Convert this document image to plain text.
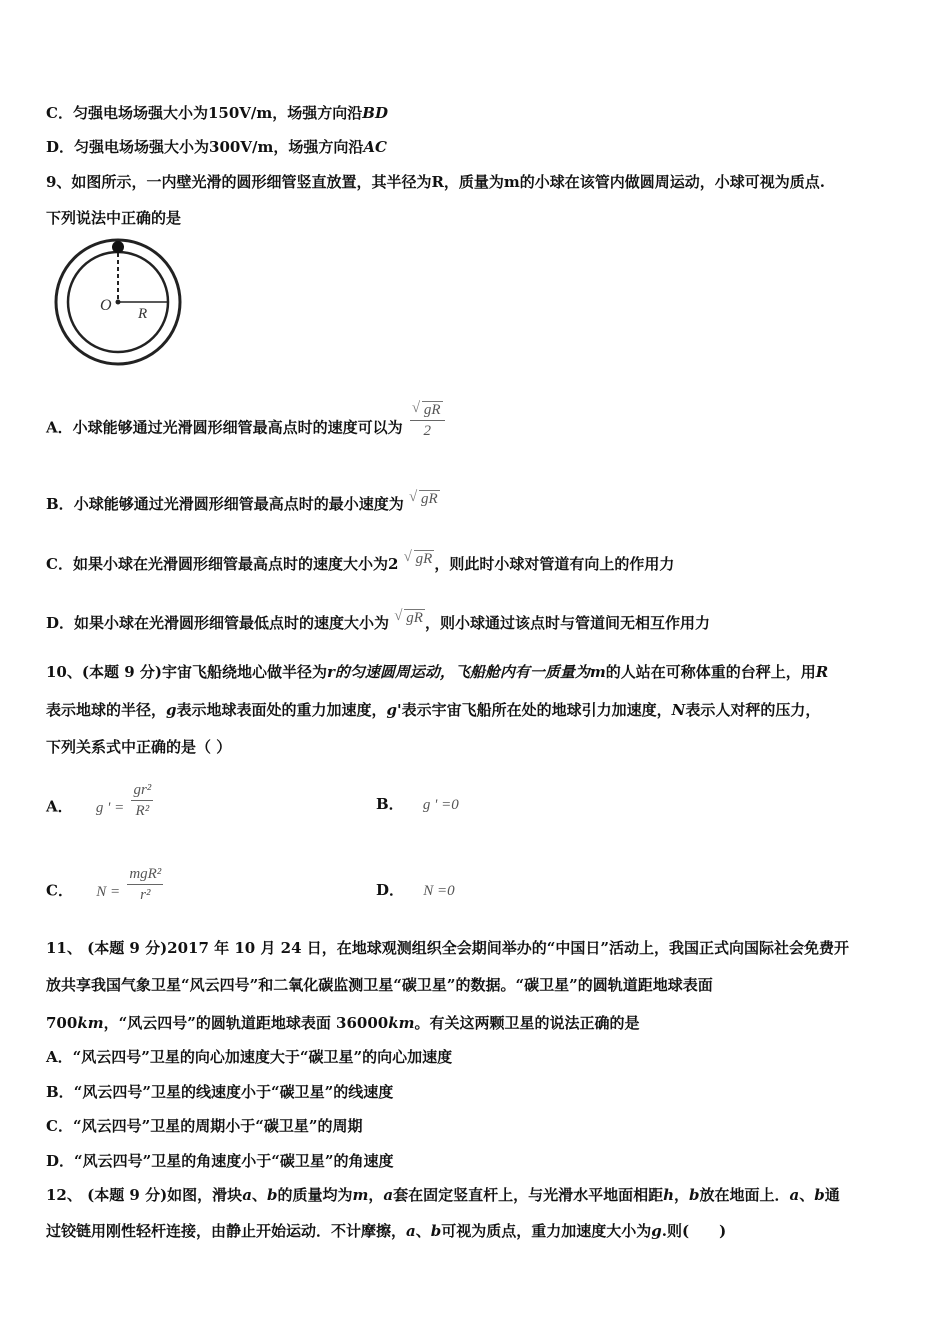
C．匀强电场场强大小为150V/m，场强方向沿BD
D．匀强电场场强大小为300V/m，场强方向沿AC
9、如图所示，一内壁光滑的圆形细管竖直放置，其半径为R，质量为m的小球在该管内做圆周运动，小球可视为质点.
下列说法中正确的是
O R
A．小球能够通过光滑圆形细管最高点时的速度可以为 $\frac{√ gR}{2}$
B．小球能够通过光滑圆形细管最高点时的最小速度为 √ gR
C．如果小球在光滑圆形细管最高点时的速度大小为2 √ gR ，则此时小球对管道有向上的作用力
D．如果小球在光滑圆形细管最低点时的速度大小为 √ gR ，则小球通过该点时与管道间无相互作用力
10、(本题 9 分)宇宙飞船绕地心做半径为r的匀速圆周运动，飞船舱内有一质量为m的人站在可称体重的台秤上，用R
表示地球的半径，g表示地球表面处的重力加速度，g'表示宇宙飞船所在处的地球引力加速度，N表示人对秤的压力，
下列关系式中正确的是（ ）
A． g ' = $\frac{\text{gr²}}{\text{R²}}$	B． g ' =0
C． $N = \frac{\text{mgR²}}{\text{r²}}$	D． N =0
11、 (本题 9 分)2017 年 10 月 24 日，在地球观测组织全会期间举办的“中国日”活动上，我国正式向国际社会免费开
放共享我国气象卫星“风云四号”和二氧化碳监测卫星“碳卫星”的数据。“碳卫星”的圆轨道距地球表面
700km，“风云四号”的圆轨道距地球表面 36000km。有关这两颗卫星的说法正确的是
A．“风云四号”卫星的向心加速度大于“碳卫星”的向心加速度
B．“风云四号”卫星的线速度小于“碳卫星”的线速度
C．“风云四号”卫星的周期小于“碳卫星”的周期
D．“风云四号”卫星的角速度小于“碳卫星”的角速度
12、 (本题 9 分)如图，滑块a、b的质量均为m，a套在固定竖直杆上，与光滑水平地面相距h，b放在地面上．a、b通
过铰链用刚性轻杆连接，由静止开始运动．不计摩擦，a、b可视为质点，重力加速度大小为g.则(　　)
